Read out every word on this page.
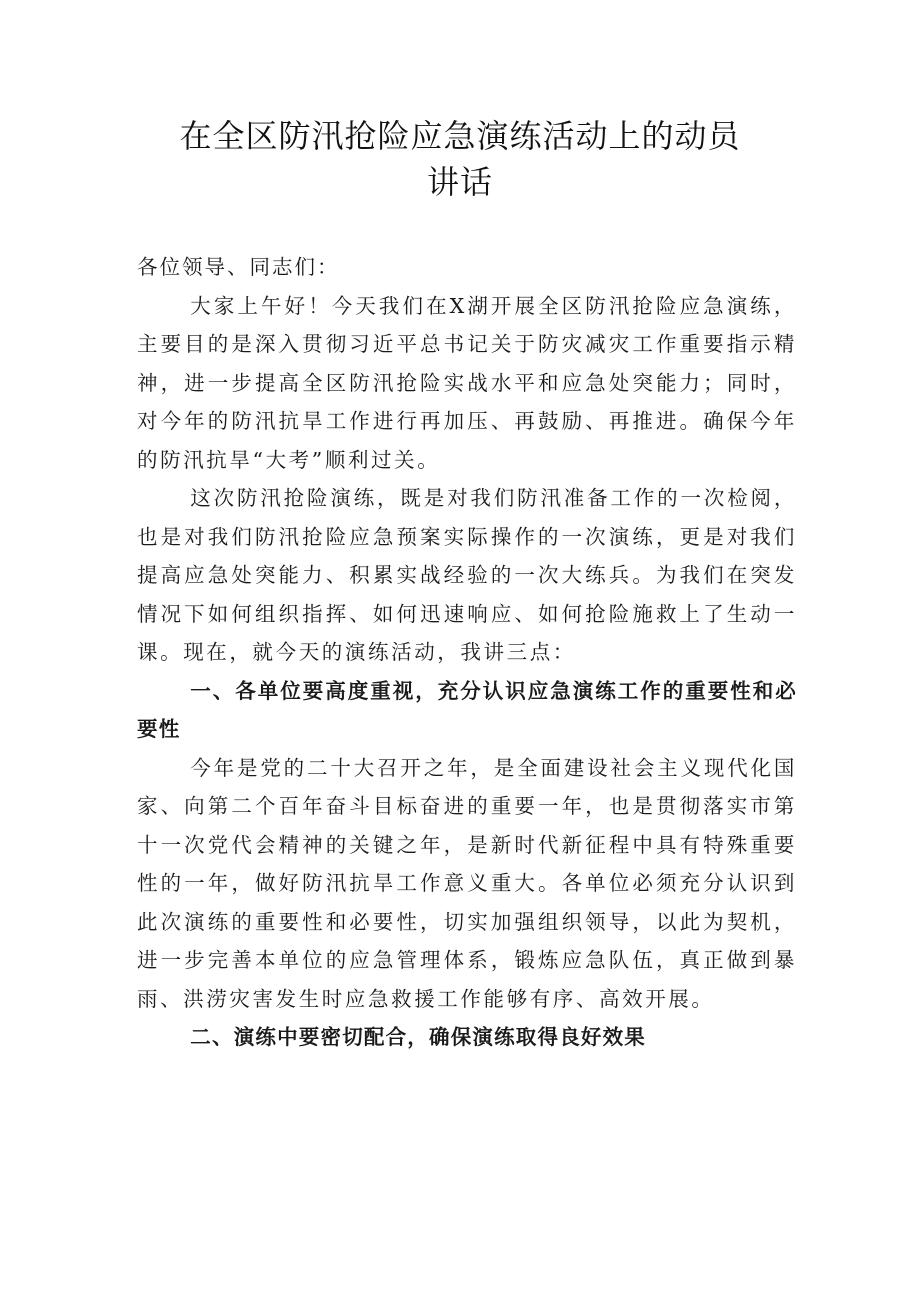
在全区防汛抢险应急演练活动上的动员
讲话

各位领导、同志们：

大家上午好！今天我们在X湖开展全区防汛抢险应急演练，主要目的是深入贯彻习近平总书记关于防灾减灾工作重要指示精神，进一步提高全区防汛抢险实战水平和应急处突能力；同时，对今年的防汛抗旱工作进行再加压、再鼓励、再推进。确保今年的防汛抗旱“大考”顺利过关。

这次防汛抢险演练，既是对我们防汛准备工作的一次检阅，也是对我们防汛抢险应急预案实际操作的一次演练，更是对我们提高应急处突能力、积累实战经验的一次大练兵。为我们在突发情况下如何组织指挥、如何迅速响应、如何抢险施救上了生动一课。现在，就今天的演练活动，我讲三点：

一、各单位要高度重视，充分认识应急演练工作的重要性和必要性

今年是党的二十大召开之年，是全面建设社会主义现代化国家、向第二个百年奋斗目标奋进的重要一年，也是贯彻落实市第十一次党代会精神的关键之年，是新时代新征程中具有特殊重要性的一年，做好防汛抗旱工作意义重大。各单位必须充分认识到此次演练的重要性和必要性，切实加强组织领导，以此为契机，进一步完善本单位的应急管理体系，锻炼应急队伍，真正做到暴雨、洪涝灾害发生时应急救援工作能够有序、高效开展。

二、演练中要密切配合，确保演练取得良好效果
